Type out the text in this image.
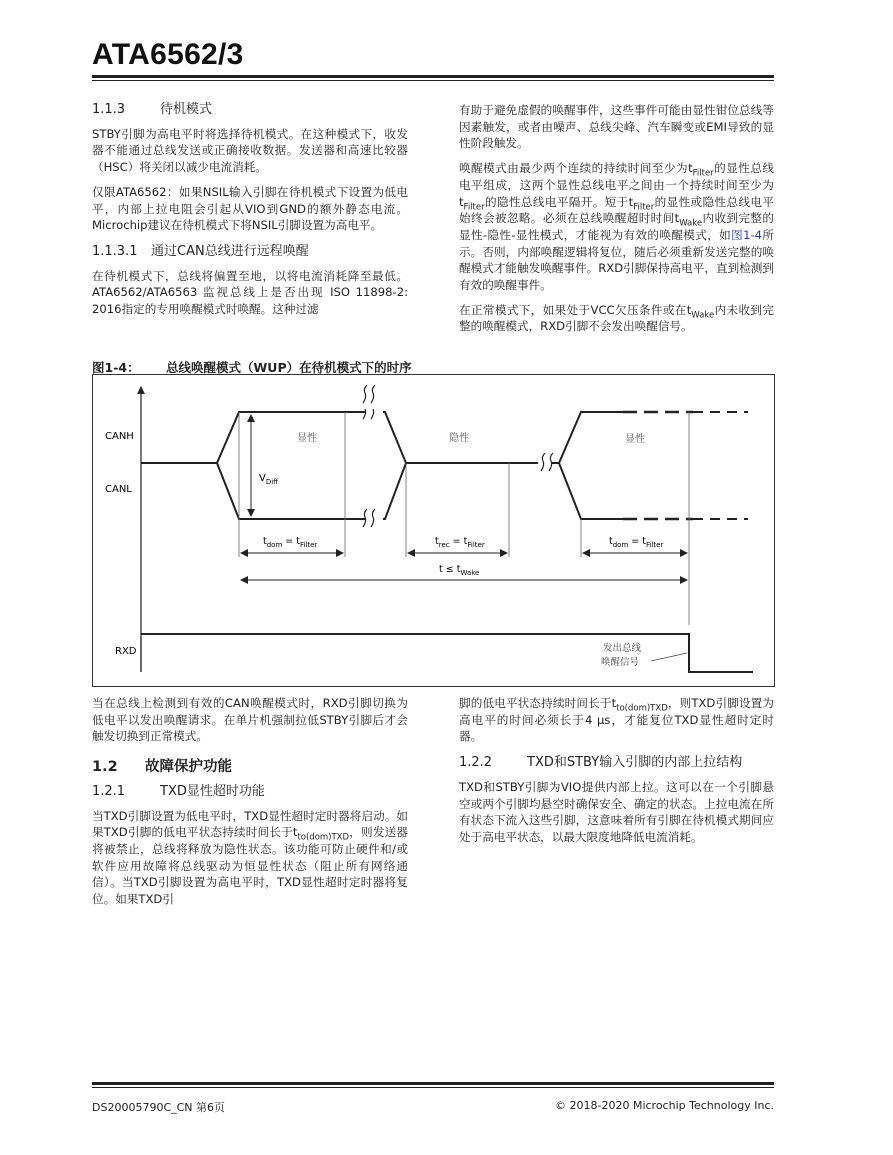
ATA6562/3
1.1.3	待机模式

STBY引脚为高电平时将选择待机模式。在这种模式下，收发器不能通过总线发送或正确接收数据。发送器和高速比较器（HSC）将关闭以减少电流消耗。

仅限ATA6562：如果NSIL输入引脚在待机模式下设置为低电平，内部上拉电阻会引起从VIO到GND的额外静态电流。Microchip建议在待机模式下将NSIL引脚设置为高电平。

1.1.3.1 通过CAN总线进行远程唤醒

在待机模式下，总线将偏置至地，以将电流消耗降至最低。ATA6562/ATA6563 监视总线上是否出现 ISO 11898-2: 2016指定的专用唤醒模式时唤醒。这种过滤

有助于避免虚假的唤醒事件，这些事件可能由显性钳位总线等因素触发，或者由噪声、总线尖峰、汽车瞬变或EMI导致的显性阶段触发。

唤醒模式由最少两个连续的持续时间至少为$t_{Filter}$的显性总线电平组成，这两个显性总线电平之间由一个持续时间至少为$t_{Filter}$的隐性总线电平隔开。短于$t_{Filter}$的显性或隐性总线电平始终会被忽略。必须在总线唤醒超时时间$t_{Wake}$内收到完整的显性-隐性-显性模式，才能视为有效的唤醒模式，如图1-4所示。否则，内部唤醒逻辑将复位，随后必须重新发送完整的唤醒模式才能触发唤醒事件。RXD引脚保持高电平，直到检测到有效的唤醒事件。

在正常模式下，如果处于VCC欠压条件或在$t_{Wake}$内未收到完整的唤醒模式，RXD引脚不会发出唤醒信号。

图1-4： 总线唤醒模式（WUP）在待机模式下的时序
$V_{Diff}$
CANH
CANL
显性	隐性	显性
$t_{dom} = t_{Filter}$	$t_{rec} = t_{Filter}$	$t_{dom} = t_{Filter}$
$t \le t_{Wake}$
RXD	发出总线
唤醒信号

当在总线上检测到有效的CAN唤醒模式时，RXD引脚切换为低电平以发出唤醒请求。在单片机强制拉低STBY引脚后才会触发切换到正常模式。

1.2 故障保护功能
1.2.1	TXD显性超时功能

当TXD引脚设置为低电平时，TXD显性超时定时器将启动。如果TXD引脚的低电平状态持续时间长于$t_{to(dom)TXD}$，则发送器将被禁止，总线将释放为隐性状态。该功能可防止硬件和/或软件应用故障将总线驱动为恒显性状态（阻止所有网络通信）。当TXD引脚设置为高电平时，TXD显性超时定时器将复位。如果TXD引

脚的低电平状态持续时间长于$t_{to(dom)TXD}$，则TXD引脚设置为高电平的时间必须长于4 μs，才能复位TXD显性超时定时器。

1.2.2	TXD和STBY输入引脚的内部上拉结构

TXD和STBY引脚为VIO提供内部上拉。这可以在一个引脚悬空或两个引脚均悬空时确保安全、确定的状态。上拉电流在所有状态下流入这些引脚，这意味着所有引脚在待机模式期间应处于高电平状态，以最大限度地降低电流消耗。

DS20005790C_CN 第6页	© 2018-2020 Microchip Technology Inc.
